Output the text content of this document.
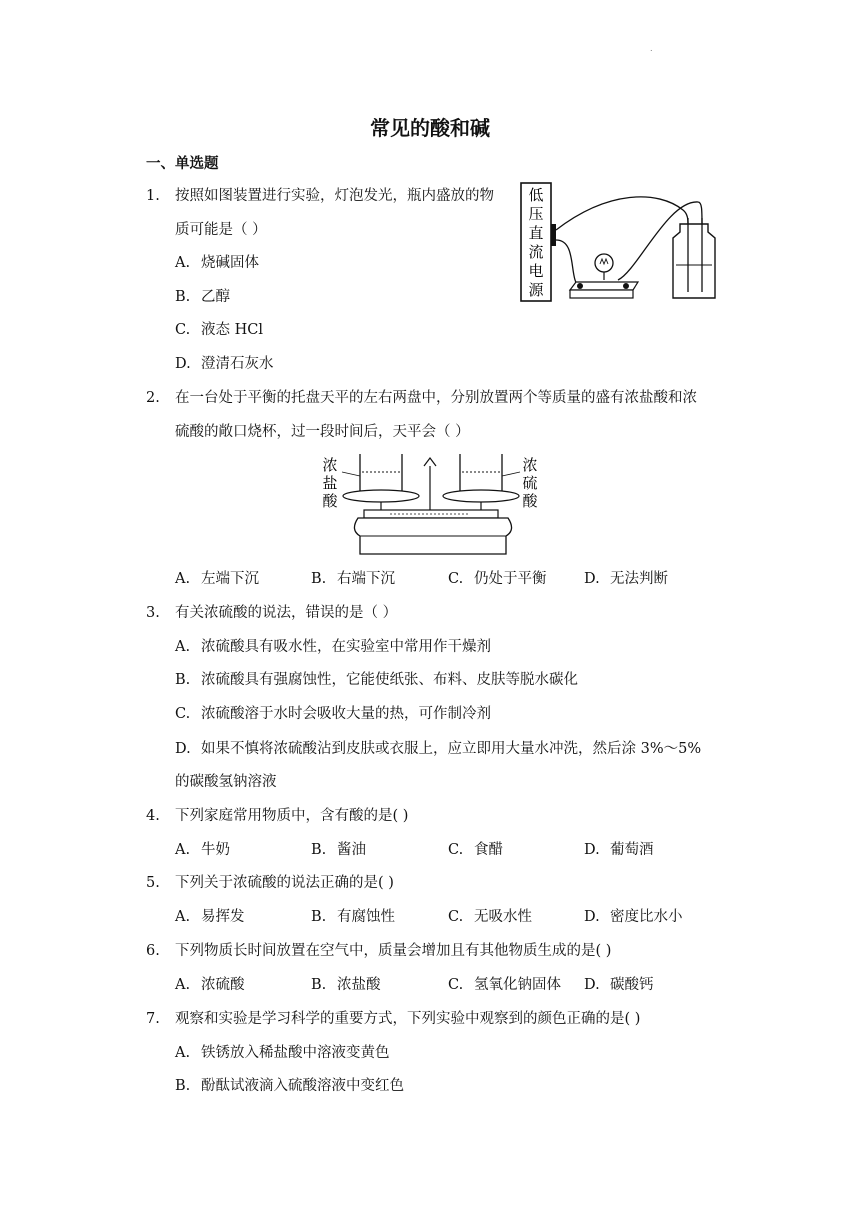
.
常见的酸和碱
一、单选题
1. 按照如图装置进行实验，灯泡发光，瓶内盛放的物
质可能是（ ）
A. 烧碱固体
B. 乙醇
C. 液态 HCl
D. 澄清石灰水
低
压
直
流
电
源
2. 在一台处于平衡的托盘天平的左右两盘中，分别放置两个等质量的盛有浓盐酸和浓
硫酸的敞口烧杯，过一段时间后，天平会（ ）
浓
盐
酸
浓
硫
酸
A. 左端下沉	B. 右端下沉	C. 仍处于平衡	D. 无法判断
3. 有关浓硫酸的说法，错误的是（ ）
A. 浓硫酸具有吸水性，在实验室中常用作干燥剂
B. 浓硫酸具有强腐蚀性，它能使纸张、布料、皮肤等脱水碳化
C. 浓硫酸溶于水时会吸收大量的热，可作制冷剂
D. 如果不慎将浓硫酸沾到皮肤或衣服上，应立即用大量水冲洗，然后涂 3%～5%
的碳酸氢钠溶液
4. 下列家庭常用物质中，含有酸的是( )
A. 牛奶	B. 酱油	C. 食醋	D. 葡萄酒
5. 下列关于浓硫酸的说法正确的是( )
A. 易挥发	B. 有腐蚀性	C. 无吸水性	D. 密度比水小
6. 下列物质长时间放置在空气中，质量会增加且有其他物质生成的是( )
A. 浓硫酸	B. 浓盐酸	C. 氢氧化钠固体 D. 碳酸钙
7. 观察和实验是学习科学的重要方式，下列实验中观察到的颜色正确的是( )
A. 铁锈放入稀盐酸中溶液变黄色
B. 酚酞试液滴入硫酸溶液中变红色
